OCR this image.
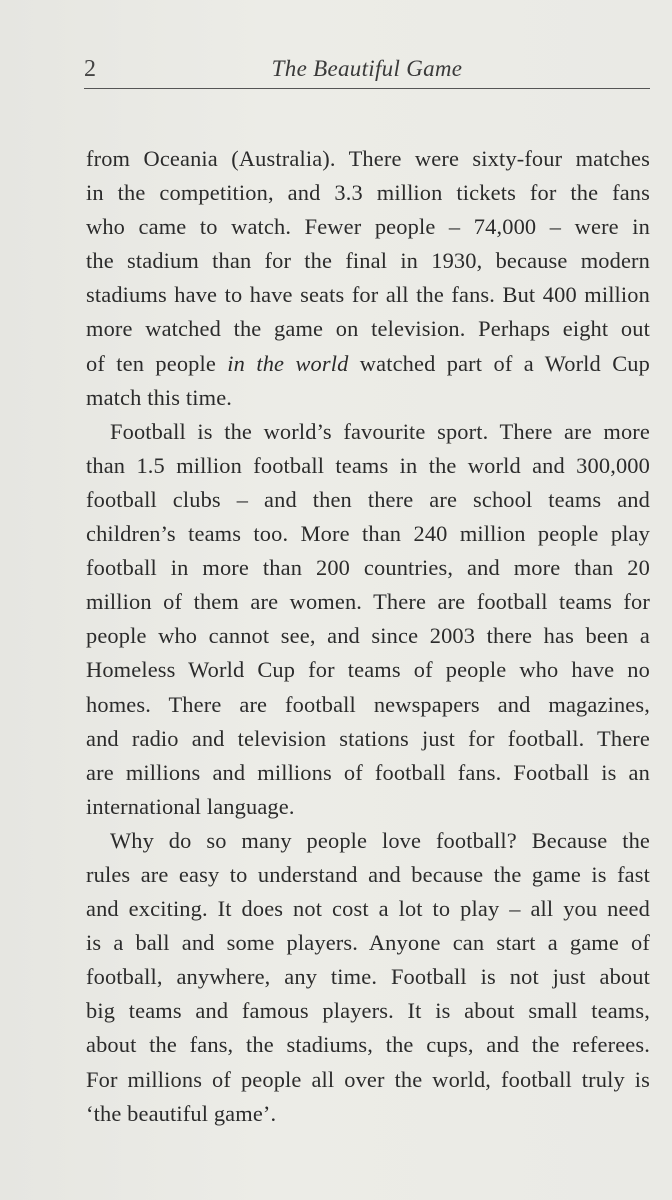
2	The Beautiful Game

from Oceania (Australia). There were sixty-four matches
in the competition, and 3.3 million tickets for the fans
who came to watch. Fewer people – 74,000 – were in
the stadium than for the final in 1930, because modern
stadiums have to have seats for all the fans. But 400 million
more watched the game on television. Perhaps eight out
of ten people in the world watched part of a World Cup
match this time.

Football is the world’s favourite sport. There are more
than 1.5 million football teams in the world and 300,000
football clubs – and then there are school teams and
children’s teams too. More than 240 million people play
football in more than 200 countries, and more than 20
million of them are women. There are football teams for
people who cannot see, and since 2003 there has been a
Homeless World Cup for teams of people who have no
homes. There are football newspapers and magazines,
and radio and television stations just for football. There
are millions and millions of football fans. Football is an
international language.

Why do so many people love football? Because the
rules are easy to understand and because the game is fast
and exciting. It does not cost a lot to play – all you need
is a ball and some players. Anyone can start a game of
football, anywhere, any time. Football is not just about
big teams and famous players. It is about small teams,
about the fans, the stadiums, the cups, and the referees.
For millions of people all over the world, football truly is
‘the beautiful game’.
